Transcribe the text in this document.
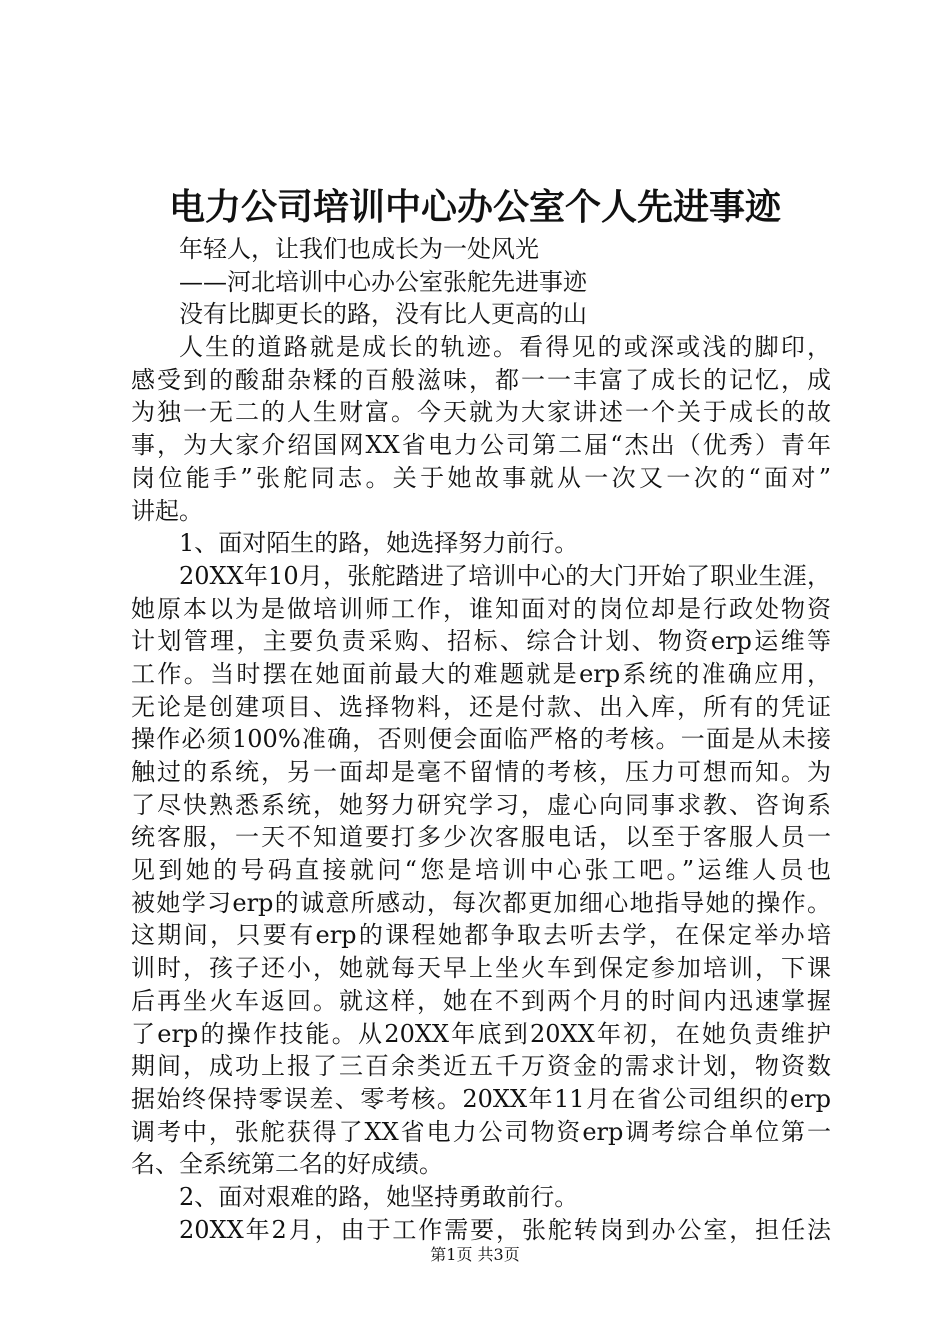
电力公司培训中心办公室个人先进事迹
年轻人，让我们也成长为一处风光
——河北培训中心办公室张舵先进事迹
没有比脚更长的路，没有比人更高的山
人生的道路就是成长的轨迹。看得见的或深或浅的脚印，
感受到的酸甜杂糅的百般滋味，都一一丰富了成长的记忆，成
为独一无二的人生财富。今天就为大家讲述一个关于成长的故
事，为大家介绍国网XX省电力公司第二届“杰出（优秀）青年
岗位能手”张舵同志。关于她故事就从一次又一次的“面对”
讲起。
1、面对陌生的路，她选择努力前行。
20XX年10月，张舵踏进了培训中心的大门开始了职业生涯，
她原本以为是做培训师工作，谁知面对的岗位却是行政处物资
计划管理，主要负责采购、招标、综合计划、物资erp运维等
工作。当时摆在她面前最大的难题就是erp系统的准确应用，
无论是创建项目、选择物料，还是付款、出入库，所有的凭证
操作必须100%准确，否则便会面临严格的考核。一面是从未接
触过的系统，另一面却是毫不留情的考核，压力可想而知。为
了尽快熟悉系统，她努力研究学习，虚心向同事求教、咨询系
统客服，一天不知道要打多少次客服电话，以至于客服人员一
见到她的号码直接就问“您是培训中心张工吧。”运维人员也
被她学习erp的诚意所感动，每次都更加细心地指导她的操作。
这期间，只要有erp的课程她都争取去听去学，在保定举办培
训时，孩子还小，她就每天早上坐火车到保定参加培训，下课
后再坐火车返回。就这样，她在不到两个月的时间内迅速掌握
了erp的操作技能。从20XX年底到20XX年初，在她负责维护
期间，成功上报了三百余类近五千万资金的需求计划，物资数
据始终保持零误差、零考核。20XX年11月在省公司组织的erp
调考中，张舵获得了XX省电力公司物资erp调考综合单位第一
名、全系统第二名的好成绩。
2、面对艰难的路，她坚持勇敢前行。
20XX年2月，由于工作需要，张舵转岗到办公室，担任法
第1页 共3页
